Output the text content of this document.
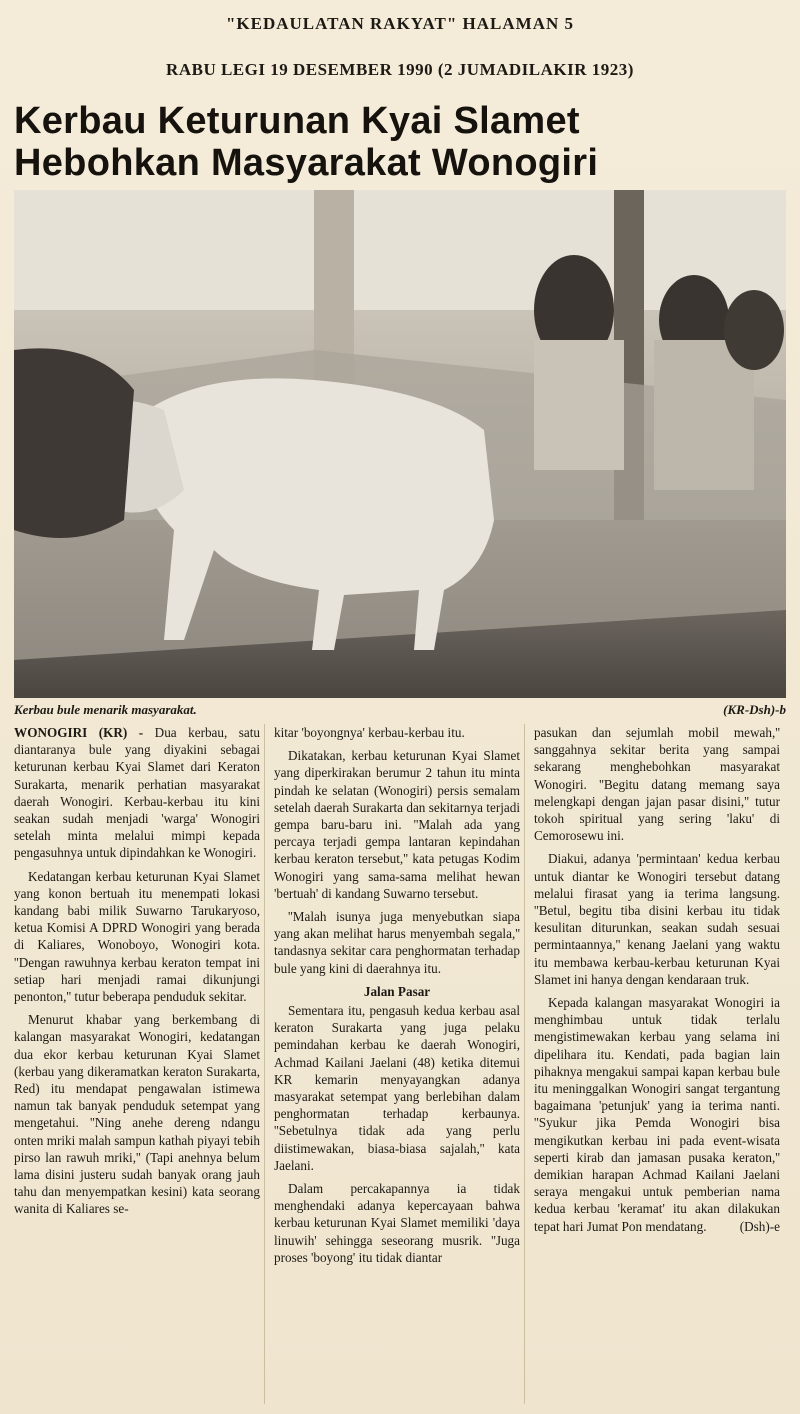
"KEDAULATAN RAKYAT" HALAMAN 5
RABU LEGI 19 DESEMBER 1990 (2 JUMADILAKIR 1923)
Kerbau Keturunan Kyai Slamet
Hebohkan Masyarakat Wonogiri
Kerbau bule menarik masyarakat.	(KR-Dsh)-b

WONOGIRI (KR) - Dua kerbau, satu diantaranya bule yang diyakini sebagai keturunan kerbau Kyai Slamet dari Keraton Surakarta, menarik perhatian masyarakat daerah Wonogiri. Kerbau-kerbau itu kini seakan sudah menjadi 'warga' Wonogiri setelah minta melalui mimpi kepada pengasuhnya untuk dipindahkan ke Wonogiri.

Kedatangan kerbau keturunan Kyai Slamet yang konon bertuah itu menempati lokasi kandang babi milik Suwarno Tarukaryoso, ketua Komisi A DPRD Wonogiri yang berada di Kaliares, Wonoboyo, Wonogiri kota. ''Dengan rawuhnya kerbau keraton tempat ini setiap hari menjadi ramai dikunjungi penonton,'' tutur beberapa penduduk sekitar.

Menurut khabar yang berkembang di kalangan masyarakat Wonogiri, kedatangan dua ekor kerbau keturunan Kyai Slamet (kerbau yang dikeramatkan keraton Surakarta, Red) itu mendapat pengawalan istimewa namun tak banyak penduduk setempat yang mengetahui. ''Ning anehe dereng ndangu onten mriki malah sampun kathah piyayi tebih pirso lan rawuh mriki,'' (Tapi anehnya belum lama disini justeru sudah banyak orang jauh tahu dan menyempatkan kesini) kata seorang wanita di Kaliares se-

kitar 'boyongnya' kerbau-kerbau itu.

Dikatakan, kerbau keturunan Kyai Slamet yang diperkirakan berumur 2 tahun itu minta pindah ke selatan (Wonogiri) persis semalam setelah daerah Surakarta dan sekitarnya terjadi gempa baru-baru ini. ''Malah ada yang percaya terjadi gempa lantaran kepindahan kerbau keraton tersebut,'' kata petugas Kodim Wonogiri yang sama-sama melihat hewan 'bertuah' di kandang Suwarno tersebut.

''Malah isunya juga menyebutkan siapa yang akan melihat harus menyembah segala,'' tandasnya sekitar cara penghormatan terhadap bule yang kini di daerahnya itu.

Jalan Pasar

Sementara itu, pengasuh kedua kerbau asal keraton Surakarta yang juga pelaku pemindahan kerbau ke daerah Wonogiri, Achmad Kailani Jaelani (48) ketika ditemui KR kemarin menyayangkan adanya masyarakat setempat yang berlebihan dalam penghormatan terhadap kerbaunya. ''Sebetulnya tidak ada yang perlu diistimewakan, biasa-biasa sajalah,'' kata Jaelani.

Dalam percakapannya ia tidak menghendaki adanya kepercayaan bahwa kerbau keturunan Kyai Slamet memiliki 'daya linuwih' sehingga seseorang musrik. ''Juga proses 'boyong' itu tidak diantar

pasukan dan sejumlah mobil mewah,'' sanggahnya sekitar berita yang sampai sekarang menghebohkan masyarakat Wonogiri. ''Begitu datang memang saya melengkapi dengan jajan pasar disini,'' tutur tokoh spiritual yang sering 'laku' di Cemorosewu ini.

Diakui, adanya 'permintaan' kedua kerbau untuk diantar ke Wonogiri tersebut datang melalui firasat yang ia terima langsung. ''Betul, begitu tiba disini kerbau itu tidak kesulitan diturunkan, seakan sudah sesuai permintaannya,'' kenang Jaelani yang waktu itu membawa kerbau-kerbau keturunan Kyai Slamet ini hanya dengan kendaraan truk.

Kepada kalangan masyarakat Wonogiri ia menghimbau untuk tidak terlalu mengistimewakan kerbau yang selama ini dipelihara itu. Kendati, pada bagian lain pihaknya mengakui sampai kapan kerbau bule itu meninggalkan Wonogiri sangat tergantung bagaimana 'petunjuk' yang ia terima nanti. ''Syukur jika Pemda Wonogiri bisa mengikutkan kerbau ini pada event-wisata seperti kirab dan jamasan pusaka keraton,'' demikian harapan Achmad Kailani Jaelani seraya mengakui untuk pemberian nama kedua kerbau 'keramat' itu akan dilakukan tepat hari Jumat Pon mendatang.	(Dsh)-e
